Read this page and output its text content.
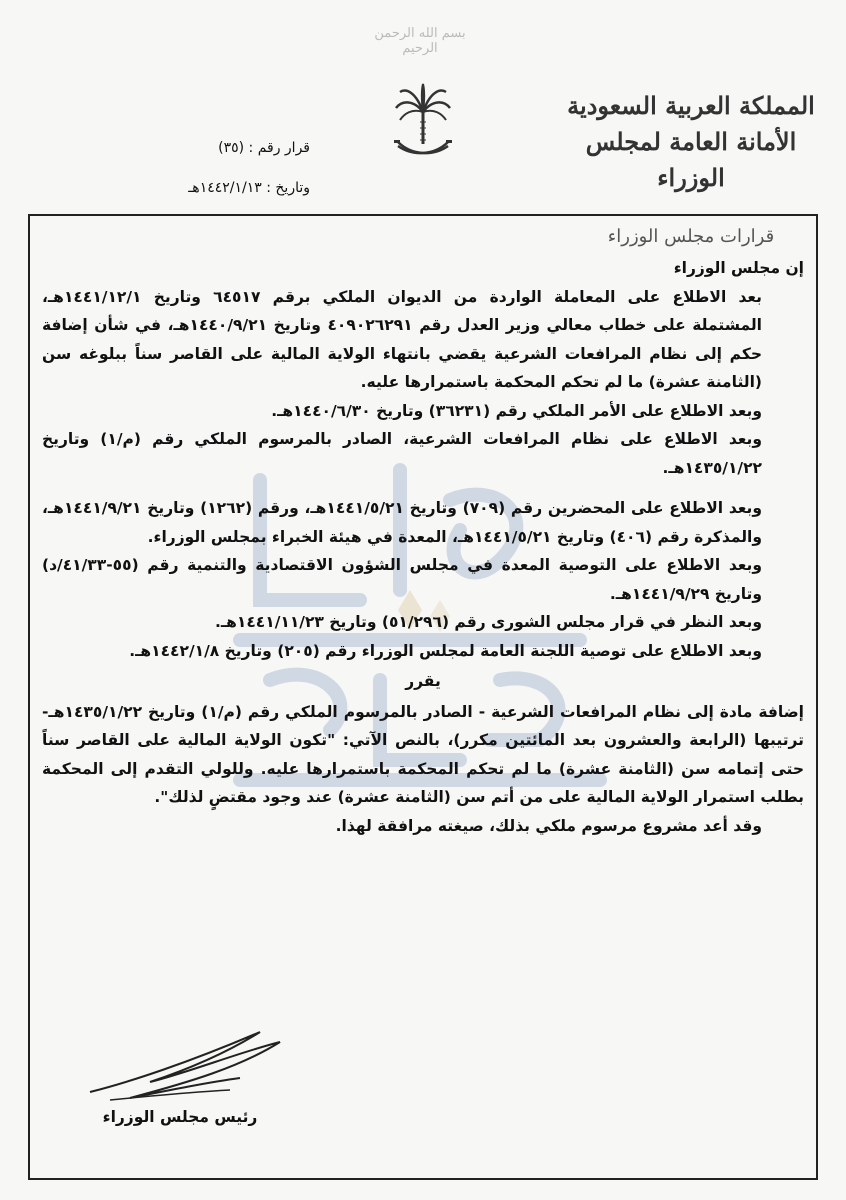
بسم الله الرحمن الرحيم
المملكة العربية السعودية
الأمانة العامة لمجلس الوزراء
قرارات مجلس الوزراء
قرار رقم : (٣٥)
وتاريخ : ١٤٤٢/١/١٣هـ

إن مجلس الوزراء

بعد الاطلاع على المعاملة الواردة من الديوان الملكي برقم ٦٤٥١٧ وتاريخ ١٤٤١/١٢/١هـ، المشتملة على خطاب معالي وزير العدل رقم ٤٠٩٠٢٦٢٩١ وتاريخ ١٤٤٠/٩/٢١هـ، في شأن إضافة حكم إلى نظام المرافعات الشرعية يقضي بانتهاء الولاية المالية على القاصر سناً ببلوغه سن (الثامنة عشرة) ما لم تحكم المحكمة باستمرارها عليه.

وبعد الاطلاع على الأمر الملكي رقم (٣٦٢٣١) وتاريخ ١٤٤٠/٦/٣٠هـ.

وبعد الاطلاع على نظام المرافعات الشرعية، الصادر بالمرسوم الملكي رقم (م/١) وتاريخ ١٤٣٥/١/٢٢هـ.

وبعد الاطلاع على المحضرين رقم (٧٠٩) وتاريخ ١٤٤١/٥/٢١هـ، ورقم (١٢٦٢) وتاريخ ١٤٤١/٩/٢١هـ، والمذكرة رقم (٤٠٦) وتاريخ ١٤٤١/٥/٢١هـ، المعدة في هيئة الخبراء بمجلس الوزراء.

وبعد الاطلاع على التوصية المعدة في مجلس الشؤون الاقتصادية والتنمية رقم (٥٥-٤١/٣٣/د) وتاريخ ١٤٤١/٩/٢٩هـ.

وبعد النظر في قرار مجلس الشورى رقم (٥١/٢٩٦) وتاريخ ١٤٤١/١١/٢٣هـ.

وبعد الاطلاع على توصية اللجنة العامة لمجلس الوزراء رقم (٢٠٥) وتاريخ ١٤٤٢/١/٨هـ.

يقرر

إضافة مادة إلى نظام المرافعات الشرعية - الصادر بالمرسوم الملكي رقم (م/١) وتاريخ ١٤٣٥/١/٢٢هـ- ترتيبها (الرابعة والعشرون بعد المائتين مكرر)، بالنص الآتي: "تكون الولاية المالية على القاصر سناً حتى إتمامه سن (الثامنة عشرة) ما لم تحكم المحكمة باستمرارها عليه. وللولي التقدم إلى المحكمة بطلب استمرار الولاية المالية على من أتم سن (الثامنة عشرة) عند وجود مقتضٍ لذلك".

وقد أعد مشروع مرسوم ملكي بذلك، صيغته مرافقة لهذا.

رئيس مجلس الوزراء
